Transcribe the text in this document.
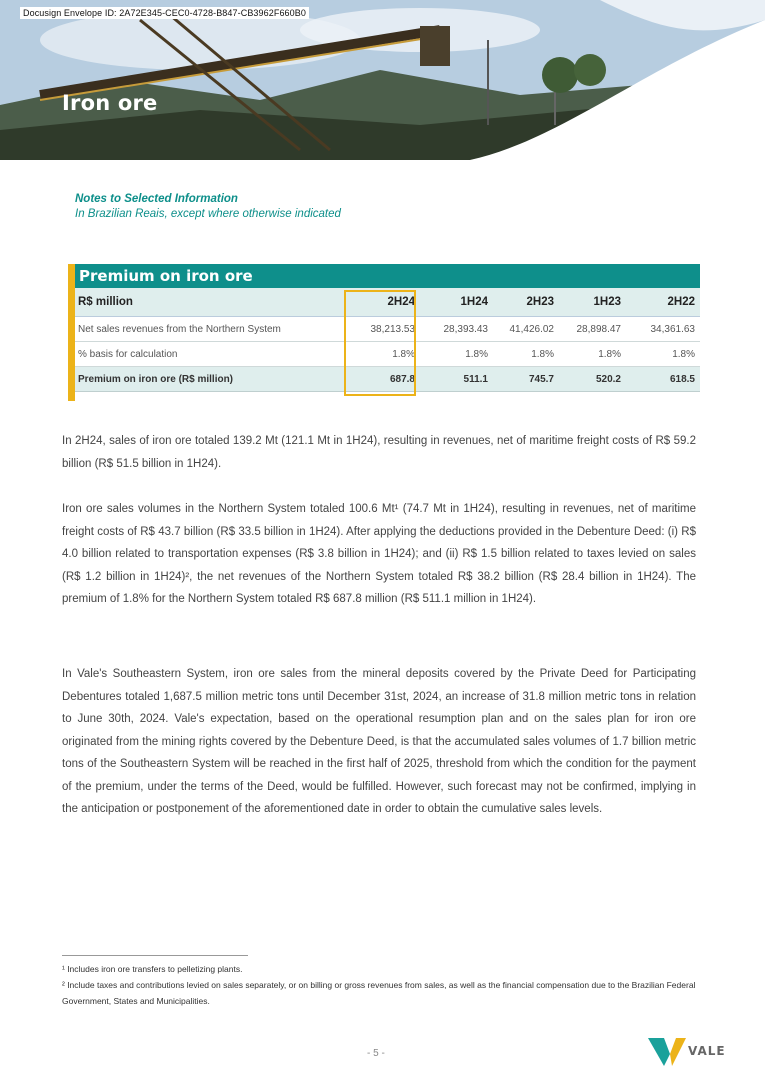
Docusign Envelope ID: 2A72E345-CEC0-4728-B847-CB3962F660B0
Iron ore
Notes to Selected Information
In Brazilian Reais, except where otherwise indicated
Premium on iron ore
R$ million	2H24	1H24	2H23	1H23	2H22
Net sales revenues from the Northern System	38,213.53	28,393.43	41,426.02	28,898.47	34,361.63
% basis for calculation	1.8%	1.8%	1.8%	1.8%	1.8%
Premium on iron ore (R$ million)	687.8	511.1	745.7	520.2	618.5

In 2H24, sales of iron ore totaled 139.2 Mt (121.1 Mt in 1H24), resulting in revenues, net of maritime freight costs of R$ 59.2 billion (R$ 51.5 billion in 1H24).

Iron ore sales volumes in the Northern System totaled 100.6 Mt¹ (74.7 Mt in 1H24), resulting in revenues, net of maritime freight costs of R$ 43.7 billion (R$ 33.5 billion in 1H24). After applying the deductions provided in the Debenture Deed: (i) R$ 4.0 billion related to transportation expenses (R$ 3.8 billion in 1H24); and (ii) R$ 1.5 billion related to taxes levied on sales (R$ 1.2 billion in 1H24)², the net revenues of the Northern System totaled R$ 38.2 billion (R$ 28.4 billion in 1H24). The premium of 1.8% for the Northern System totaled R$ 687.8 million (R$ 511.1 million in 1H24).

In Vale's Southeastern System, iron ore sales from the mineral deposits covered by the Private Deed for Participating Debentures totaled 1,687.5 million metric tons until December 31st, 2024, an increase of 31.8 million metric tons in relation to June 30th, 2024. Vale's expectation, based on the operational resumption plan and on the sales plan for iron ore originated from the mining rights covered by the Debenture Deed, is that the accumulated sales volumes of 1.7 billion metric tons of the Southeastern System will be reached in the first half of 2025, threshold from which the condition for the payment of the premium, under the terms of the Deed, would be fulfilled. However, such forecast may not be confirmed, implying in the anticipation or postponement of the aforementioned date in order to obtain the cumulative sales levels.

¹ Includes iron ore transfers to pelletizing plants.

² Include taxes and contributions levied on sales separately, or on billing or gross revenues from sales, as well as the financial compensation due to the Brazilian Federal Government, States and Municipalities.

- 5 -	VALE
